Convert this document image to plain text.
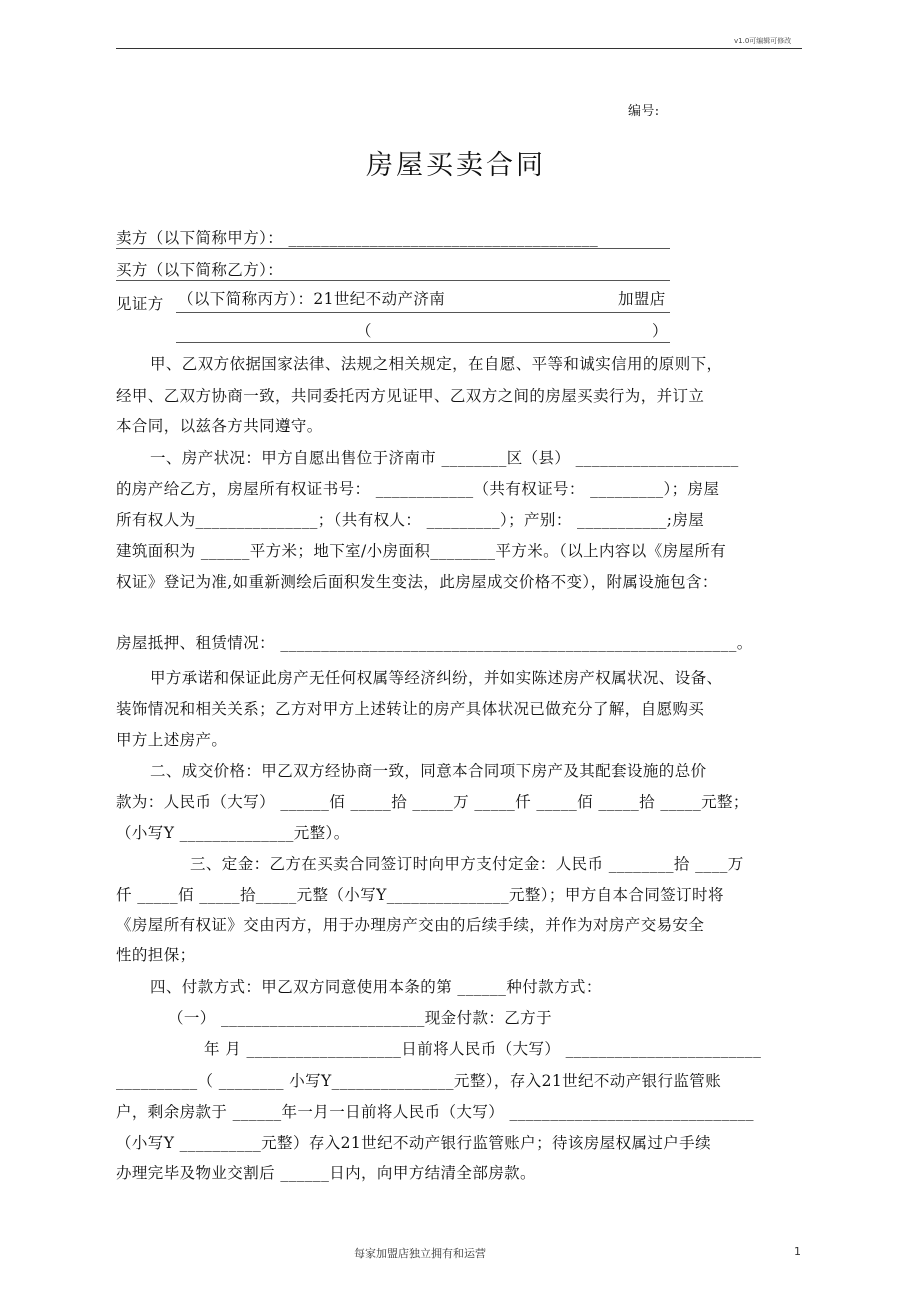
v1.0可编辑可修改
编号:
房屋买卖合同
卖方（以下简称甲方）： ______________________________________
买方（以下简称乙方）：
见证方 （以下简称丙方）：21世纪不动产济南	加盟店
（	）
甲、乙双方依据国家法律、法规之相关规定，在自愿、平等和诚实信用的原则下，
经甲、乙双方协商一致，共同委托丙方见证甲、乙双方之间的房屋买卖行为，并订立
本合同，以兹各方共同遵守。
一、房产状况：甲方自愿出售位于济南市 ________区（县） ____________________
的房产给乙方，房屋所有权证书号： ____________（共有权证号： _________）；房屋
所有权人为_______________；（共有权人： _________）；产别： ___________;房屋
建筑面积为 ______平方米；地下室/小房面积________平方米。（以上内容以《房屋所有
权证》登记为准,如重新测绘后面积发生变法，此房屋成交价格不变），附属设施包含：
房屋抵押、租赁情况： ________________________________________________________。
甲方承诺和保证此房产无任何权属等经济纠纷，并如实陈述房产权属状况、设备、
装饰情况和相关关系；乙方对甲方上述转让的房产具体状况已做充分了解，自愿购买
甲方上述房产。
二、成交价格：甲乙双方经协商一致，同意本合同项下房产及其配套设施的总价
款为：人民币（大写） ______佰 _____拾 _____万 _____仟 _____佰 _____拾 _____元整；
（小写Y ______________元整）。
三、定金：乙方在买卖合同签订时向甲方支付定金：人民币 ________拾 ____万
仟 _____佰 _____拾_____元整（小写Y_______________元整）；甲方自本合同签订时将
《房屋所有权证》交由丙方，用于办理房产交由的后续手续，并作为对房产交易安全
性的担保；
四、付款方式：甲乙双方同意使用本条的第 ______种付款方式：
（一） _________________________现金付款：乙方于
年 月 ___________________日前将人民币（大写） ________________________
__________（ ________ 小写Y_______________元整），存入21世纪不动产银行监管账
户，剩余房款于 ______年一月一日前将人民币（大写） ______________________________
（小写Y __________元整）存入21世纪不动产银行监管账户；待该房屋权属过户手续
办理完毕及物业交割后 ______日内，向甲方结清全部房款。
每家加盟店独立拥有和运营	1
